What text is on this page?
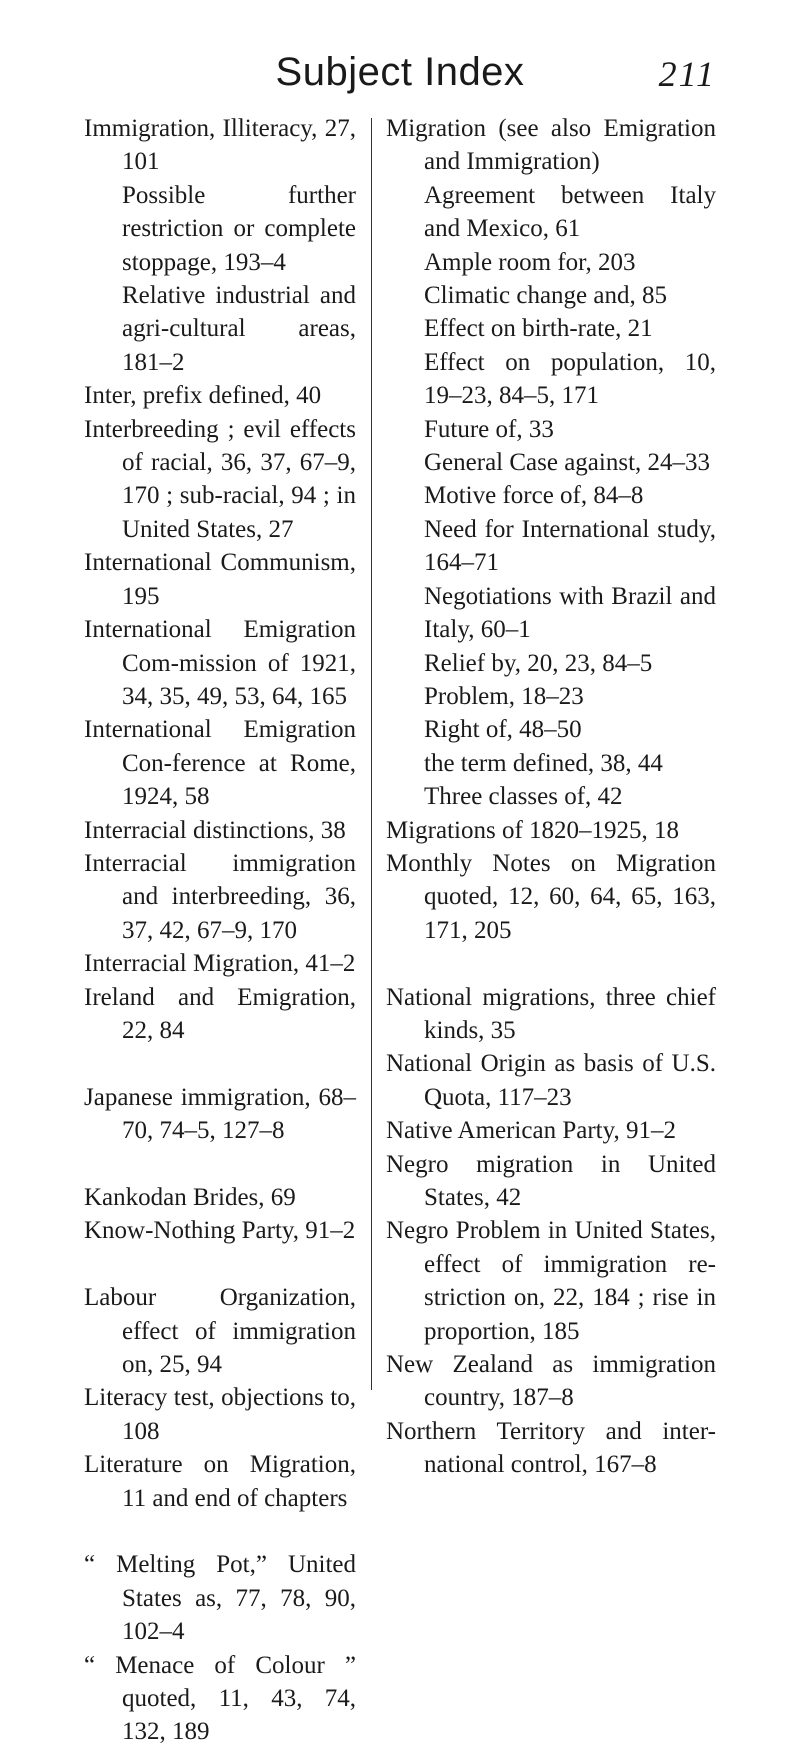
Subject Index	211

Immigration, Illiteracy, 27, 101

Possible further restriction or complete stoppage, 193–4

Relative industrial and agri-cultural areas, 181–2

Inter, prefix defined, 40

Interbreeding ; evil effects of racial, 36, 37, 67–9, 170 ; sub-racial, 94 ; in United States, 27

International Communism, 195

International Emigration Com-mission of 1921, 34, 35, 49, 53, 64, 165

International Emigration Con-ference at Rome, 1924, 58

Interracial distinctions, 38

Interracial immigration and interbreeding, 36, 37, 42, 67–9, 170

Interracial Migration, 41–2

Ireland and Emigration, 22, 84

Japanese immigration, 68–70, 74–5, 127–8

Kankodan Brides, 69

Know-Nothing Party, 91–2

Labour Organization, effect of immigration on, 25, 94

Literacy test, objections to, 108

Literature on Migration, 11 and end of chapters

“ Melting Pot,” United States as, 77, 78, 90, 102–4

“ Menace of Colour ” quoted, 11, 43, 74, 132, 189

Migration (see also Emigration and Immigration)

Agreement between Italy and Mexico, 61

Ample room for, 203

Climatic change and, 85

Effect on birth-rate, 21

Effect on population, 10, 19–23, 84–5, 171

Future of, 33

General Case against, 24–33

Motive force of, 84–8

Need for International study, 164–71

Negotiations with Brazil and Italy, 60–1

Relief by, 20, 23, 84–5

Problem, 18–23

Right of, 48–50

the term defined, 38, 44

Three classes of, 42

Migrations of 1820–1925, 18

Monthly Notes on Migration quoted, 12, 60, 64, 65, 163, 171, 205

National migrations, three chief kinds, 35

National Origin as basis of U.S. Quota, 117–23

Native American Party, 91–2

Negro migration in United States, 42

Negro Problem in United States, effect of immigration re-striction on, 22, 184 ; rise in proportion, 185

New Zealand as immigration country, 187–8

Northern Territory and inter-national control, 167–8
